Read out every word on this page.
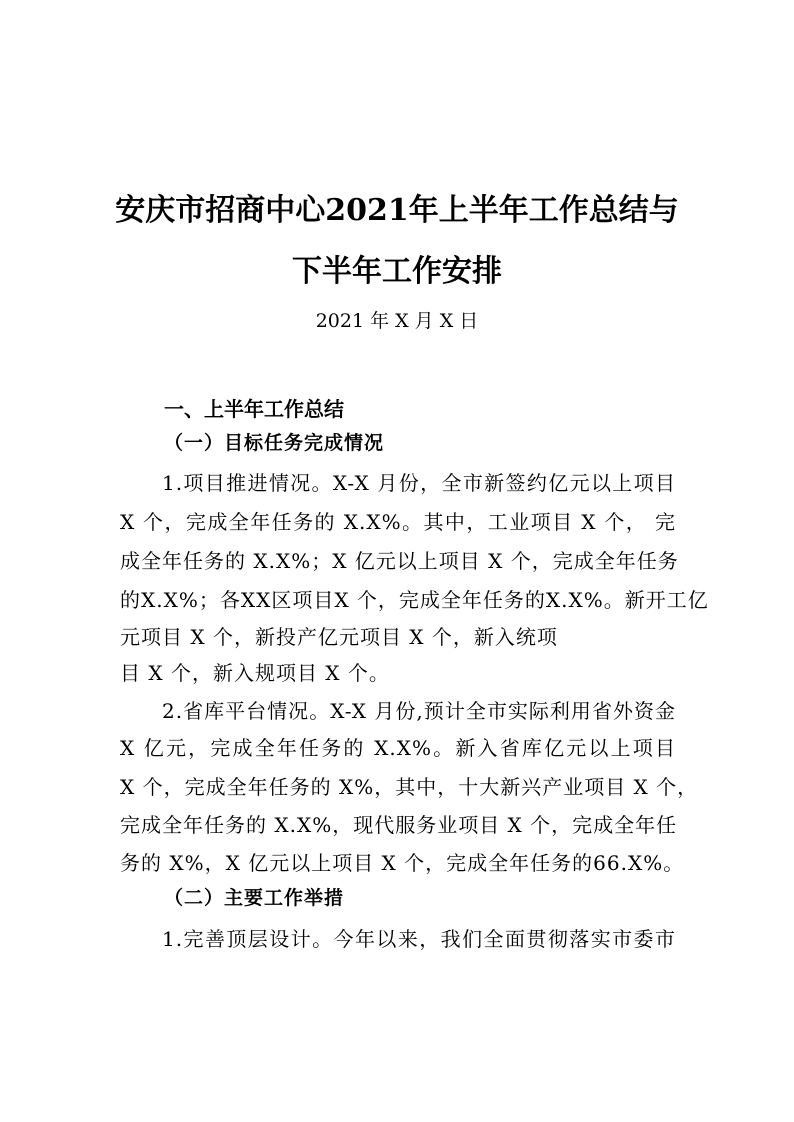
安庆市招商中心2021年上半年工作总结与
下半年工作安排
2021 年 X 月 X 日
一、上半年工作总结
（一）目标任务完成情况
1.项目推进情况。X-X 月份，全市新签约亿元以上项目
X 个，完成全年任务的 X.X%。其中，工业项目 X 个， 完
成全年任务的 X.X%；X 亿元以上项目 X 个，完成全年任务
的X.X%；各XX区项目X 个，完成全年任务的X.X%。新开工亿
元项目 X 个，新投产亿元项目 X 个，新入统项
目 X 个，新入规项目 X 个。
2.省库平台情况。X-X 月份,预计全市实际利用省外资金
X 亿元，完成全年任务的 X.X%。新入省库亿元以上项目
X 个，完成全年任务的 X%，其中，十大新兴产业项目 X 个，
完成全年任务的 X.X%，现代服务业项目 X 个，完成全年任
务的 X%，X 亿元以上项目 X 个，完成全年任务的66.X%。
（二）主要工作举措
1.完善顶层设计。今年以来，我们全面贯彻落实市委市
